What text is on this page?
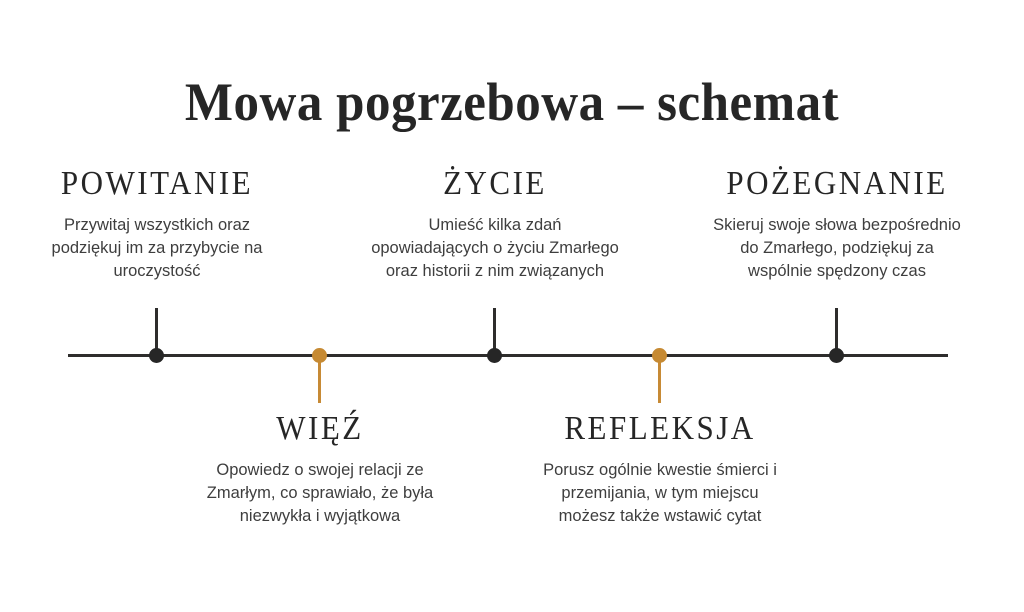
Mowa pogrzebowa – schemat
POWITANIE

Przywitaj wszystkich oraz podziękuj im za przybycie na uroczystość

ŻYCIE

Umieść kilka zdań opowiadających o życiu Zmarłego oraz historii z nim związanych

POŻEGNANIE

Skieruj swoje słowa bezpośrednio do Zmarłego, podziękuj za wspólnie spędzony czas

WIĘŹ

Opowiedz o swojej relacji ze Zmarłym, co sprawiało, że była niezwykła i wyjątkowa

REFLEKSJA

Porusz ogólnie kwestie śmierci i przemijania, w tym miejscu możesz także wstawić cytat
